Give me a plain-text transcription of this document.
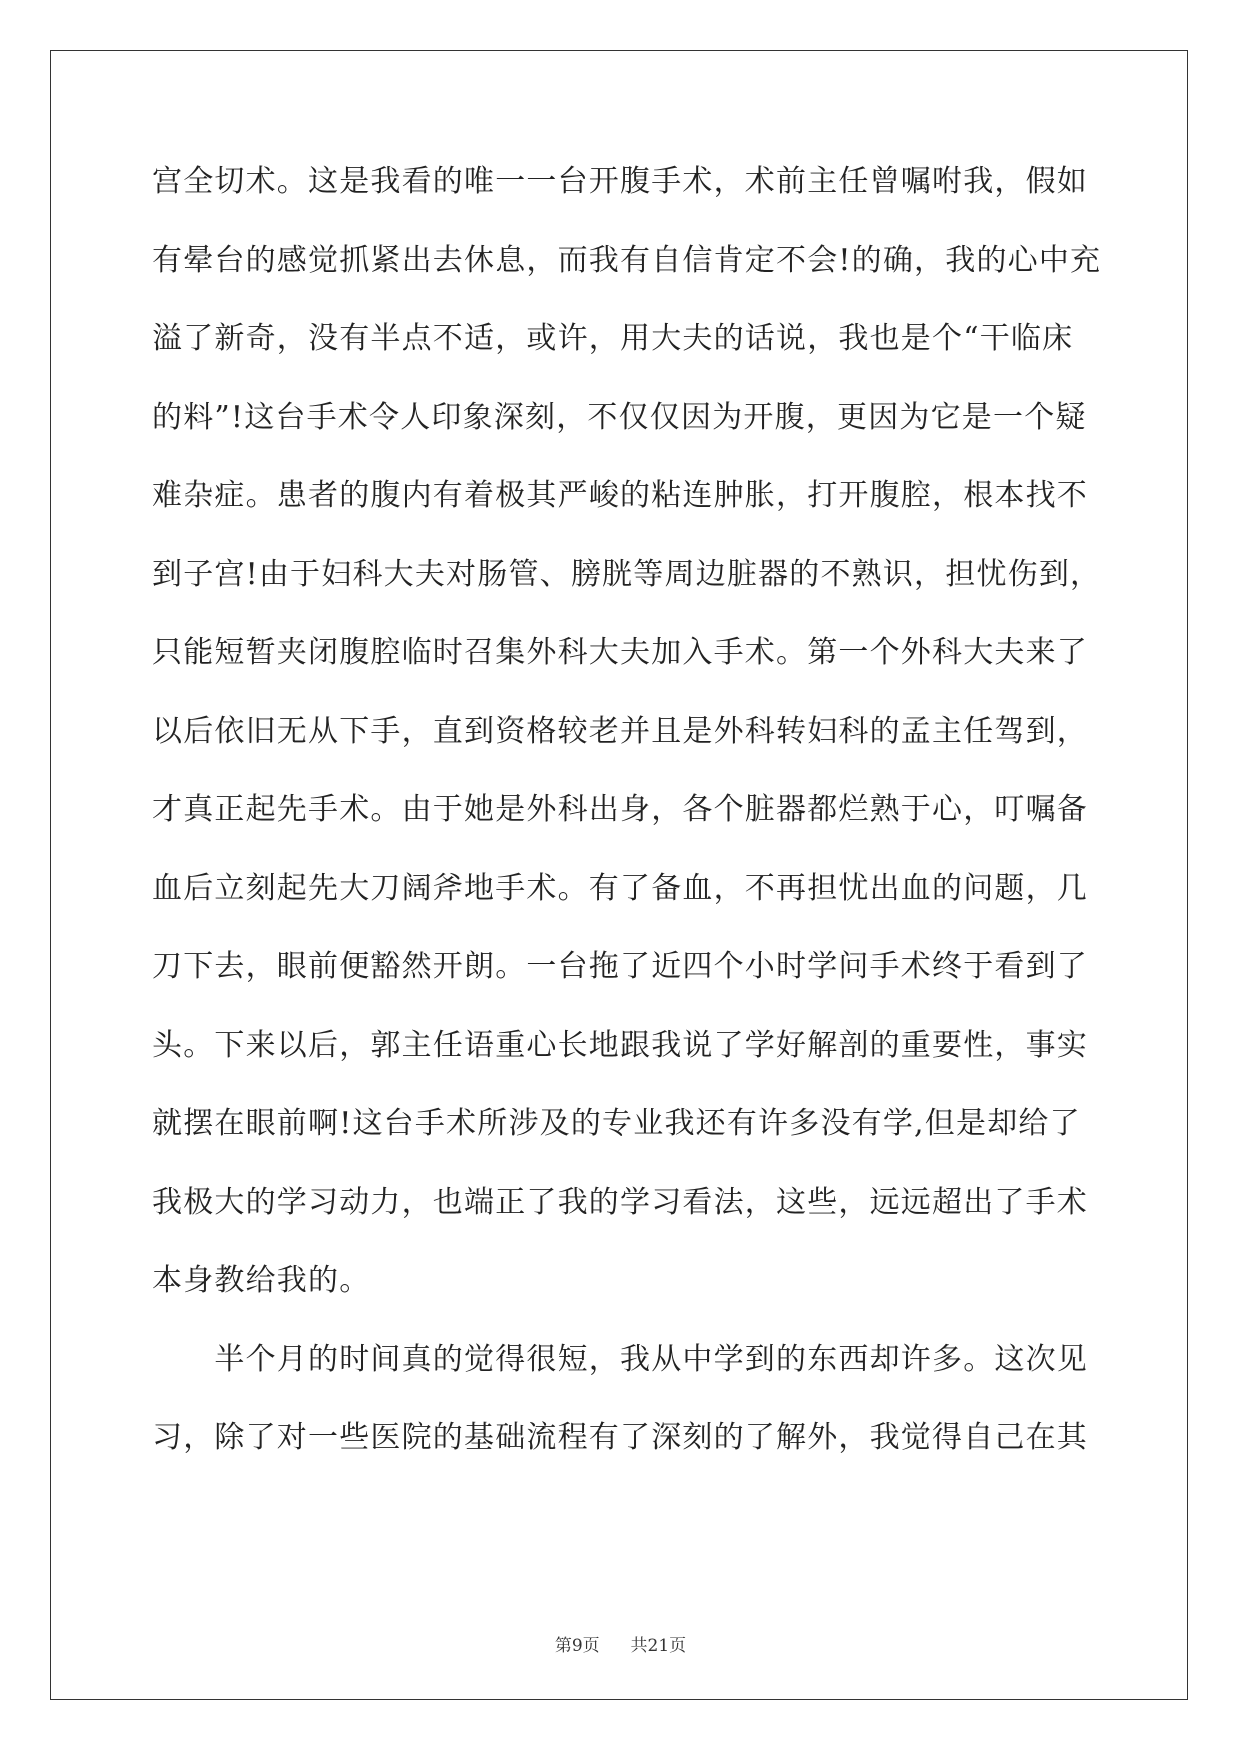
宫全切术。这是我看的唯一一台开腹手术，术前主任曾嘱咐我，假如
有晕台的感觉抓紧出去休息，而我有自信肯定不会!的确，我的心中充
溢了新奇，没有半点不适，或许，用大夫的话说，我也是个“干临床
的料”!这台手术令人印象深刻，不仅仅因为开腹，更因为它是一个疑
难杂症。患者的腹内有着极其严峻的粘连肿胀，打开腹腔，根本找不
到子宫!由于妇科大夫对肠管、膀胱等周边脏器的不熟识，担忧伤到，
只能短暂夹闭腹腔临时召集外科大夫加入手术。第一个外科大夫来了
以后依旧无从下手，直到资格较老并且是外科转妇科的孟主任驾到，
才真正起先手术。由于她是外科出身，各个脏器都烂熟于心，叮嘱备
血后立刻起先大刀阔斧地手术。有了备血，不再担忧出血的问题，几
刀下去，眼前便豁然开朗。一台拖了近四个小时学问手术终于看到了
头。下来以后，郭主任语重心长地跟我说了学好解剖的重要性，事实
就摆在眼前啊!这台手术所涉及的专业我还有许多没有学,但是却给了
我极大的学习动力，也端正了我的学习看法，这些，远远超出了手术
本身教给我的。
　　半个月的时间真的觉得很短，我从中学到的东西却许多。这次见
习，除了对一些医院的基础流程有了深刻的了解外，我觉得自己在其
第9页 共21页
